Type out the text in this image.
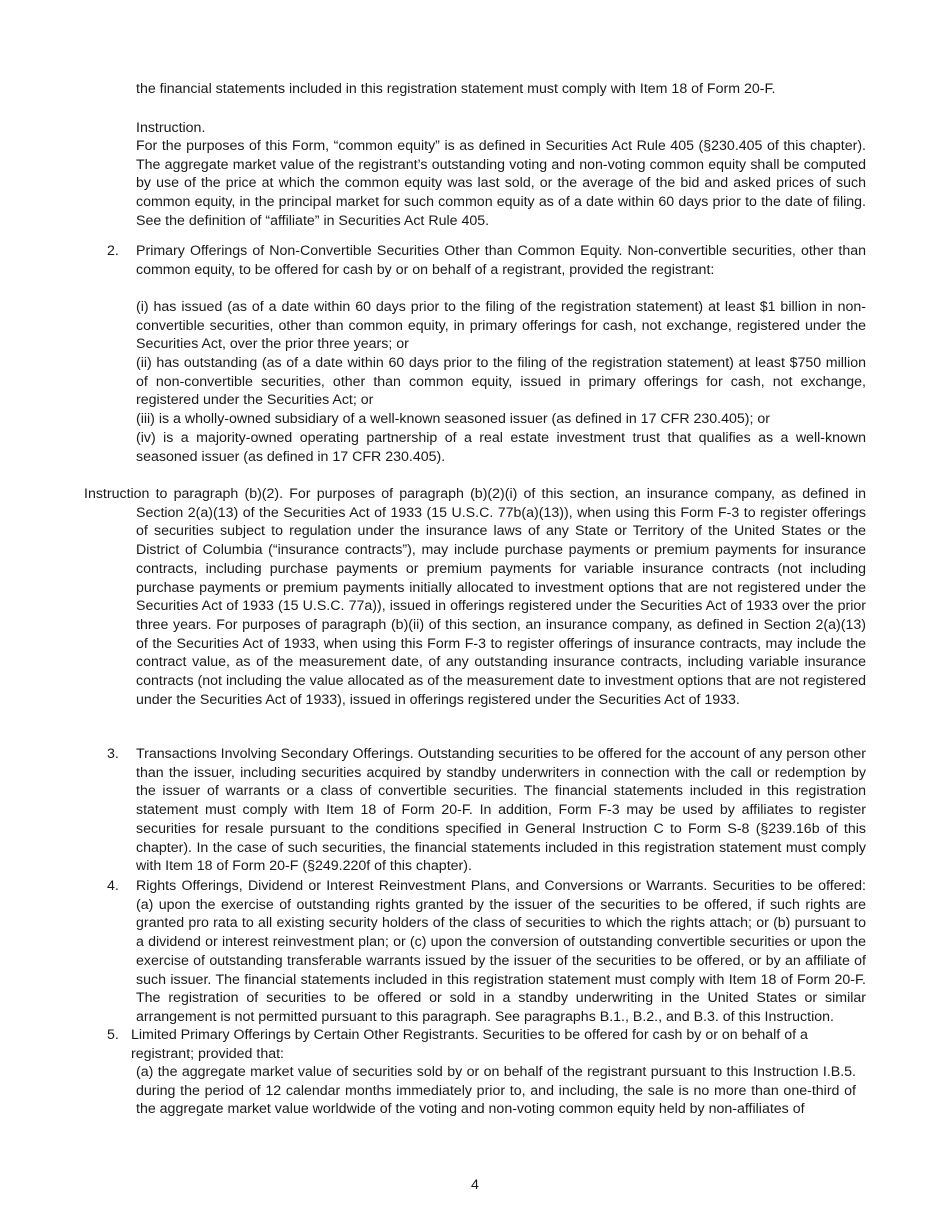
the financial statements included in this registration statement must comply with Item 18 of Form 20-F.

Instruction.

For the purposes of this Form, “common equity” is as defined in Securities Act Rule 405 (§230.405 of this chapter). The aggregate market value of the registrant’s outstanding voting and non-voting common equity shall be computed by use of the price at which the common equity was last sold, or the average of the bid and asked prices of such common equity, in the principal market for such common equity as of a date within 60 days prior to the date of filing. See the definition of “affiliate” in Securities Act Rule 405.

2. Primary Offerings of Non-Convertible Securities Other than Common Equity. Non-convertible securities, other than common equity, to be offered for cash by or on behalf of a registrant, provided the registrant:

(i) has issued (as of a date within 60 days prior to the filing of the registration statement) at least $1 billion in non-convertible securities, other than common equity, in primary offerings for cash, not exchange, registered under the Securities Act, over the prior three years; or

(ii) has outstanding (as of a date within 60 days prior to the filing of the registration statement) at least $750 million of non-convertible securities, other than common equity, issued in primary offerings for cash, not exchange, registered under the Securities Act; or

(iii) is a wholly-owned subsidiary of a well-known seasoned issuer (as defined in 17 CFR 230.405); or

(iv) is a majority-owned operating partnership of a real estate investment trust that qualifies as a well-known seasoned issuer (as defined in 17 CFR 230.405).

Instruction to paragraph (b)(2). For purposes of paragraph (b)(2)(i) of this section, an insurance company, as defined in Section 2(a)(13) of the Securities Act of 1933 (15 U.S.C. 77b(a)(13)), when using this Form F-3 to register offerings of securities subject to regulation under the insurance laws of any State or Territory of the United States or the District of Columbia (“insurance contracts”), may include purchase payments or premium payments for insurance contracts, including purchase payments or premium payments for variable insurance contracts (not including purchase payments or premium payments initially allocated to investment options that are not registered under the Securities Act of 1933 (15 U.S.C. 77a)), issued in offerings registered under the Securities Act of 1933 over the prior three years. For purposes of paragraph (b)(ii) of this section, an insurance company, as defined in Section 2(a)(13) of the Securities Act of 1933, when using this Form F-3 to register offerings of insurance contracts, may include the contract value, as of the measurement date, of any outstanding insurance contracts, including variable insurance contracts (not including the value allocated as of the measurement date to investment options that are not registered under the Securities Act of 1933), issued in offerings registered under the Securities Act of 1933.

3. Transactions Involving Secondary Offerings. Outstanding securities to be offered for the account of any person other than the issuer, including securities acquired by standby underwriters in connection with the call or redemption by the issuer of warrants or a class of convertible securities. The financial statements included in this registration statement must comply with Item 18 of Form 20-F. In addition, Form F-3 may be used by affiliates to register securities for resale pursuant to the conditions specified in General Instruction C to Form S-8 (§239.16b of this chapter). In the case of such securities, the financial statements included in this registration statement must comply with Item 18 of Form 20-F (§249.220f of this chapter).

4. Rights Offerings, Dividend or Interest Reinvestment Plans, and Conversions or Warrants. Securities to be offered: (a) upon the exercise of outstanding rights granted by the issuer of the securities to be offered, if such rights are granted pro rata to all existing security holders of the class of securities to which the rights attach; or (b) pursuant to a dividend or interest reinvestment plan; or (c) upon the conversion of outstanding convertible securities or upon the exercise of outstanding transferable warrants issued by the issuer of the securities to be offered, or by an affiliate of such issuer. The financial statements included in this registration statement must comply with Item 18 of Form 20-F. The registration of securities to be offered or sold in a standby underwriting in the United States or similar arrangement is not permitted pursuant to this paragraph. See paragraphs B.1., B.2., and B.3. of this Instruction.

5. Limited Primary Offerings by Certain Other Registrants. Securities to be offered for cash by or on behalf of a registrant; provided that:

(a) the aggregate market value of securities sold by or on behalf of the registrant pursuant to this Instruction I.B.5. during the period of 12 calendar months immediately prior to, and including, the sale is no more than one-third of the aggregate market value worldwide of the voting and non-voting common equity held by non-affiliates of

4
